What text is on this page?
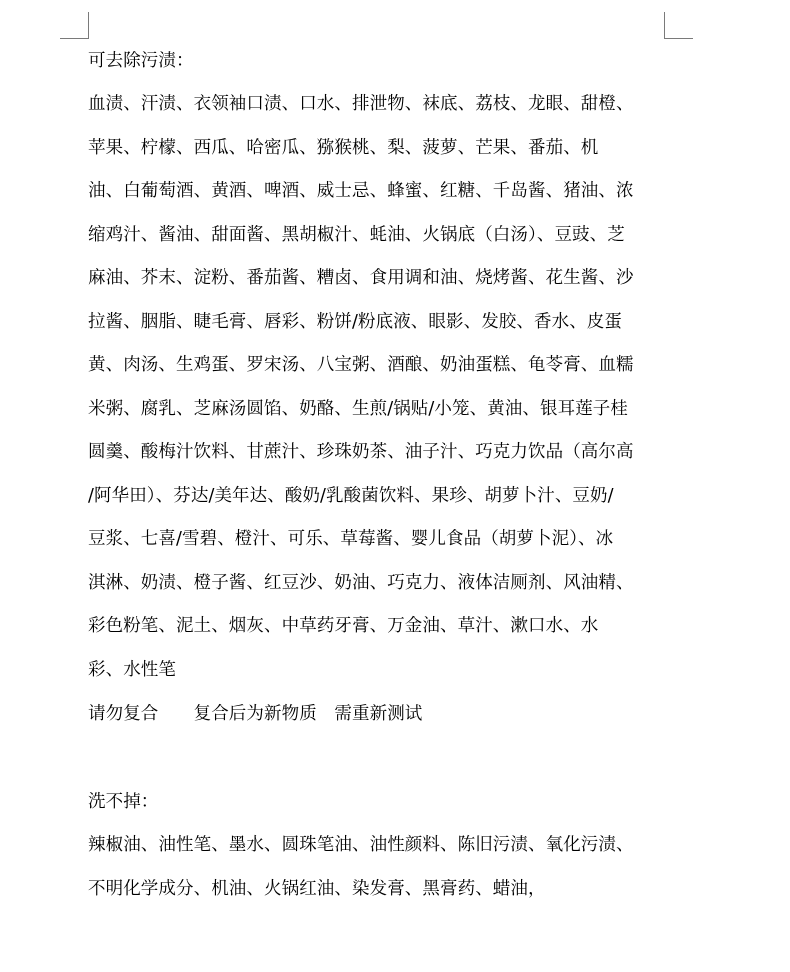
可去除污渍：
血渍、汗渍、衣领袖口渍、口水、排泄物、袜底、荔枝、龙眼、甜橙、
苹果、柠檬、西瓜、哈密瓜、猕猴桃、梨、菠萝、芒果、番茄、机
油、白葡萄酒、黄酒、啤酒、威士忌、蜂蜜、红糖、千岛酱、猪油、浓
缩鸡汁、酱油、甜面酱、黑胡椒汁、蚝油、火锅底（白汤）、豆豉、芝
麻油、芥末、淀粉、番茄酱、糟卤、食用调和油、烧烤酱、花生酱、沙
拉酱、胭脂、睫毛膏、唇彩、粉饼/粉底液、眼影、发胶、香水、皮蛋
黄、肉汤、生鸡蛋、罗宋汤、八宝粥、酒酿、奶油蛋糕、龟苓膏、血糯
米粥、腐乳、芝麻汤圆馅、奶酪、生煎/锅贴/小笼、黄油、银耳莲子桂
圆羹、酸梅汁饮料、甘蔗汁、珍珠奶茶、油子汁、巧克力饮品（高尔高
/阿华田）、芬达/美年达、酸奶/乳酸菌饮料、果珍、胡萝卜汁、豆奶/
豆浆、七喜/雪碧、橙汁、可乐、草莓酱、婴儿食品（胡萝卜泥）、冰
淇淋、奶渍、橙子酱、红豆沙、奶油、巧克力、液体洁厕剂、风油精、
彩色粉笔、泥土、烟灰、中草药牙膏、万金油、草汁、漱口水、水
彩、水性笔
请勿复合　　复合后为新物质　需重新测试
洗不掉：
辣椒油、油性笔、墨水、圆珠笔油、油性颜料、陈旧污渍、氧化污渍、
不明化学成分、机油、火锅红油、染发膏、黑膏药、蜡油，
